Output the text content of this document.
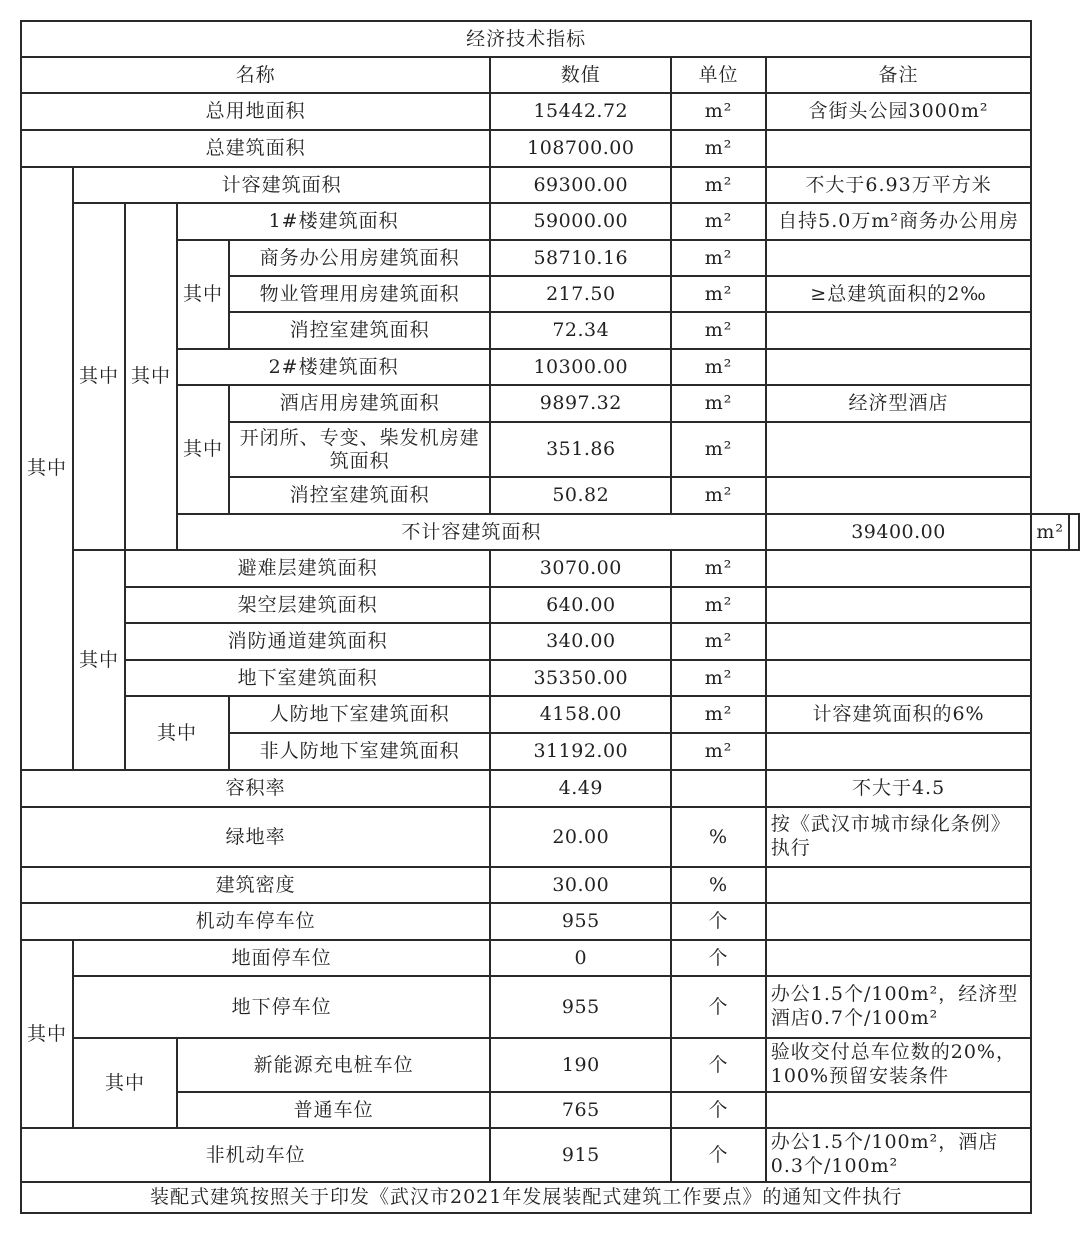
经济技术指标									
名称					数值	单位	备注		
总用地面积					15442.72	m²	含街头公园3000m²		
总建筑面积					108700.00	m²			
其中	计容建筑面积				69300.00	m²	不大于6.93万平方米		
	其中	其中	1#楼建筑面积		59000.00	m²	自持5.0万m²商务办公用房		
			其中	商务办公用房建筑面积	58710.16	m²			
				物业管理用房建筑面积	217.50	m²	≥总建筑面积的2‰		
				消控室建筑面积	72.34	m²			
			2#楼建筑面积		10300.00	m²			
			其中	酒店用房建筑面积	9897.32	m²	经济型酒店		
				开闭所、专变、柴发机房建筑面积	351.86	m²			
				消控室建筑面积	50.82	m²			
			不计容建筑面积				39400.00	m²	
	其中	避难层建筑面积			3070.00	m²			
		架空层建筑面积			640.00	m²			
		消防通道建筑面积			340.00	m²			
		地下室建筑面积			35350.00	m²			
		其中		人防地下室建筑面积	4158.00	m²	计容建筑面积的6%		
				非人防地下室建筑面积	31192.00	m²			
容积率					4.49		不大于4.5		
绿地率					20.00	%	按《武汉市城市绿化条例》执行		
建筑密度					30.00	%			
机动车停车位					955	个			
其中	地面停车位				0	个			
	地下停车位				955	个	办公1.5个/100m²，经济型酒店0.7个/100m²		
	其中		新能源充电桩车位		190	个	验收交付总车位数的20%，100%预留安装条件		
			普通车位		765	个			
非机动车位					915	个	办公1.5个/100m²，酒店0.3个/100m²		
装配式建筑按照关于印发《武汉市2021年发展装配式建筑工作要点》的通知文件执行									
